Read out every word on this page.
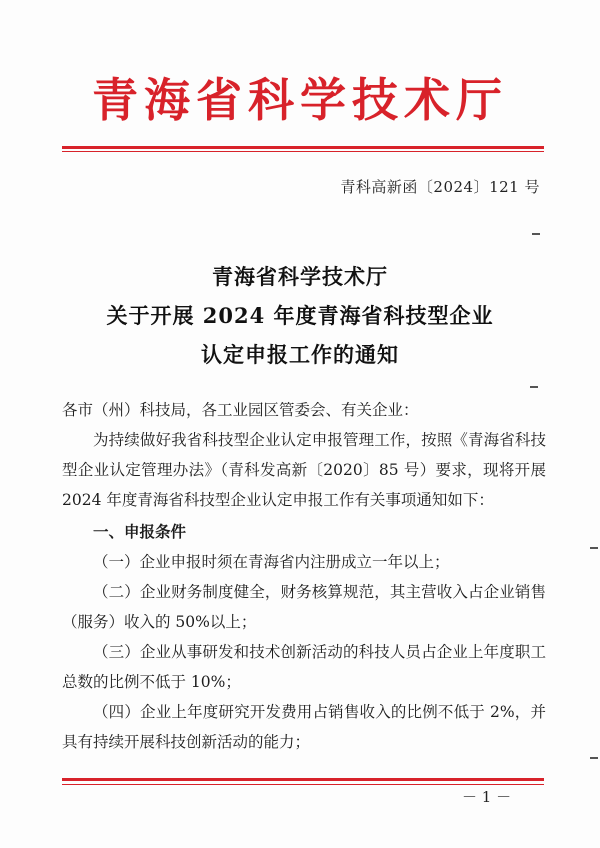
青海省科学技术厅
青科高新函〔2024〕121 号
青海省科学技术厅
关于开展 2024 年度青海省科技型企业
认定申报工作的通知

各市（州）科技局，各工业园区管委会、有关企业：

为持续做好我省科技型企业认定申报管理工作，按照《青海省科技型企业认定管理办法》（青科发高新〔2020〕85 号）要求，现将开展 2024 年度青海省科技型企业认定申报工作有关事项通知如下：

一、申报条件

（一）企业申报时须在青海省内注册成立一年以上；

（二）企业财务制度健全，财务核算规范，其主营收入占企业销售（服务）收入的 50%以上；

（三）企业从事研发和技术创新活动的科技人员占企业上年度职工总数的比例不低于 10%；

（四）企业上年度研究开发费用占销售收入的比例不低于 2%，并具有持续开展科技创新活动的能力；

－ 1 －
